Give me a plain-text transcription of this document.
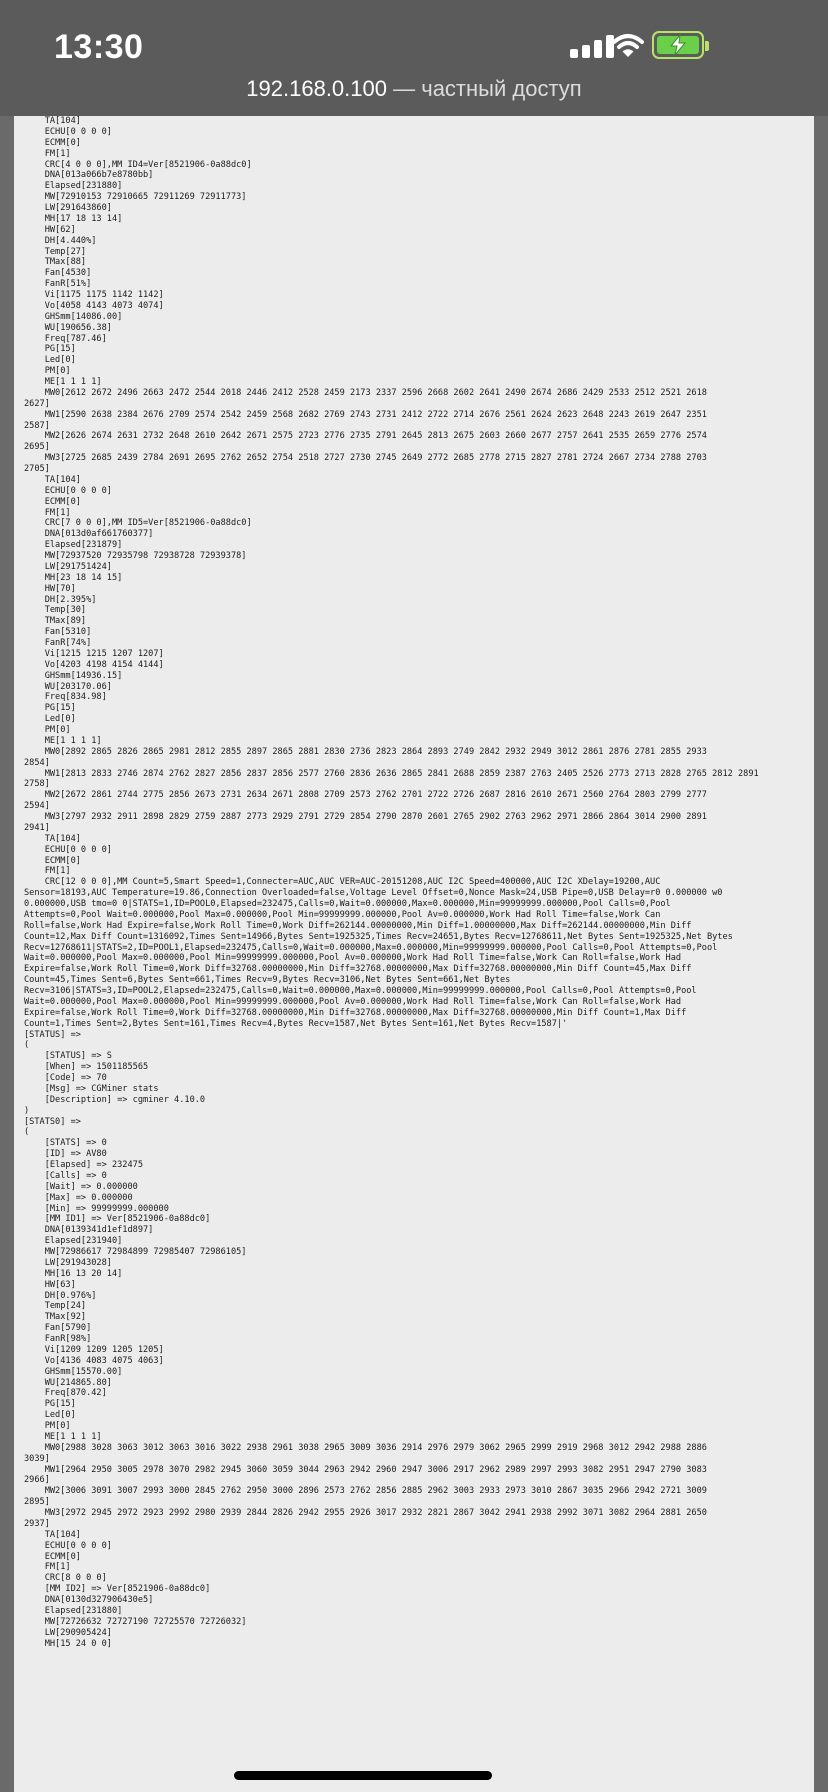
13:30
192.168.0.100 — частный доступ
TA[104]
ECHU[0 0 0 0]
ECMM[0]
FM[1]
CRC[4 0 0 0],MM ID4=Ver[8521906-0a88dc0]
DNA[013a066b7e8780bb]
Elapsed[231880]
MW[72910153 72910665 72911269 72911773]
LW[291643860]
MH[17 18 13 14]
HW[62]
DH[4.440%]
Temp[27]
TMax[88]
Fan[4530]
FanR[51%]
Vi[1175 1175 1142 1142]
Vo[4058 4143 4073 4074]
GHSmm[14086.00]
WU[190656.38]
Freq[787.46]
PG[15]
Led[0]
PM[0]
ME[1 1 1 1]
MW0[2612 2672 2496 2663 2472 2544 2018 2446 2412 2528 2459 2173 2337 2596 2668 2602 2641 2490 2674 2686 2429 2533 2512 2521 2618
2627]
MW1[2590 2638 2384 2676 2709 2574 2542 2459 2568 2682 2769 2743 2731 2412 2722 2714 2676 2561 2624 2623 2648 2243 2619 2647 2351
2587]
MW2[2626 2674 2631 2732 2648 2610 2642 2671 2575 2723 2776 2735 2791 2645 2813 2675 2603 2660 2677 2757 2641 2535 2659 2776 2574
2695]
MW3[2725 2685 2439 2784 2691 2695 2762 2652 2754 2518 2727 2730 2745 2649 2772 2685 2778 2715 2827 2781 2724 2667 2734 2788 2703
2705]
TA[104]
ECHU[0 0 0 0]
ECMM[0]
FM[1]
CRC[7 0 0 0],MM ID5=Ver[8521906-0a88dc0]
DNA[013d0af661760377]
Elapsed[231879]
MW[72937520 72935798 72938728 72939378]
LW[291751424]
MH[23 18 14 15]
HW[70]
DH[2.395%]
Temp[30]
TMax[89]
Fan[5310]
FanR[74%]
Vi[1215 1215 1207 1207]
Vo[4203 4198 4154 4144]
GHSmm[14936.15]
WU[203170.06]
Freq[834.98]
PG[15]
Led[0]
PM[0]
ME[1 1 1 1]
MW0[2892 2865 2826 2865 2981 2812 2855 2897 2865 2881 2830 2736 2823 2864 2893 2749 2842 2932 2949 3012 2861 2876 2781 2855 2933
2854]
MW1[2813 2833 2746 2874 2762 2827 2856 2837 2856 2577 2760 2836 2636 2865 2841 2688 2859 2387 2763 2405 2526 2773 2713 2828 2765 2812 2891
2758]
MW2[2672 2861 2744 2775 2856 2673 2731 2634 2671 2808 2709 2573 2762 2701 2722 2726 2687 2816 2610 2671 2560 2764 2803 2799 2777
2594]
MW3[2797 2932 2911 2898 2829 2759 2887 2773 2929 2791 2729 2854 2790 2870 2601 2765 2902 2763 2962 2971 2866 2864 3014 2900 2891
2941]
TA[104]
ECHU[0 0 0 0]
ECMM[0]
FM[1]
CRC[12 0 0 0],MM Count=5,Smart Speed=1,Connecter=AUC,AUC VER=AUC-20151208,AUC I2C Speed=400000,AUC I2C XDelay=19200,AUC
Sensor=18193,AUC Temperature=19.86,Connection Overloaded=false,Voltage Level Offset=0,Nonce Mask=24,USB Pipe=0,USB Delay=r0 0.000000 w0
0.000000,USB tmo=0 0|STATS=1,ID=POOL0,Elapsed=232475,Calls=0,Wait=0.000000,Max=0.000000,Min=99999999.000000,Pool Calls=0,Pool
Attempts=0,Pool Wait=0.000000,Pool Max=0.000000,Pool Min=99999999.000000,Pool Av=0.000000,Work Had Roll Time=false,Work Can
Roll=false,Work Had Expire=false,Work Roll Time=0,Work Diff=262144.00000000,Min Diff=1.00000000,Max Diff=262144.00000000,Min Diff
Count=12,Max Diff Count=1316092,Times Sent=14966,Bytes Sent=1925325,Times Recv=24651,Bytes Recv=12768611,Net Bytes Sent=1925325,Net Bytes
Recv=12768611|STATS=2,ID=POOL1,Elapsed=232475,Calls=0,Wait=0.000000,Max=0.000000,Min=99999999.000000,Pool Calls=0,Pool Attempts=0,Pool
Wait=0.000000,Pool Max=0.000000,Pool Min=99999999.000000,Pool Av=0.000000,Work Had Roll Time=false,Work Can Roll=false,Work Had
Expire=false,Work Roll Time=0,Work Diff=32768.00000000,Min Diff=32768.00000000,Max Diff=32768.00000000,Min Diff Count=45,Max Diff
Count=45,Times Sent=6,Bytes Sent=661,Times Recv=9,Bytes Recv=3106,Net Bytes Sent=661,Net Bytes
Recv=3106|STATS=3,ID=POOL2,Elapsed=232475,Calls=0,Wait=0.000000,Max=0.000000,Min=99999999.000000,Pool Calls=0,Pool Attempts=0,Pool
Wait=0.000000,Pool Max=0.000000,Pool Min=99999999.000000,Pool Av=0.000000,Work Had Roll Time=false,Work Can Roll=false,Work Had
Expire=false,Work Roll Time=0,Work Diff=32768.00000000,Min Diff=32768.00000000,Max Diff=32768.00000000,Min Diff Count=1,Max Diff
Count=1,Times Sent=2,Bytes Sent=161,Times Recv=4,Bytes Recv=1587,Net Bytes Sent=161,Net Bytes Recv=1587|'
[STATUS] =>
(
[STATUS] => S
[When] => 1501185565
[Code] => 70
[Msg] => CGMiner stats
[Description] => cgminer 4.10.0
)
[STATS0] =>
(
[STATS] => 0
[ID] => AV80
[Elapsed] => 232475
[Calls] => 0
[Wait] => 0.000000
[Max] => 0.000000
[Min] => 99999999.000000
[MM ID1] => Ver[8521906-0a88dc0]
DNA[0139341d1ef1d897]
Elapsed[231940]
MW[72986617 72984899 72985407 72986105]
LW[291943028]
MH[16 13 20 14]
HW[63]
DH[0.976%]
Temp[24]
TMax[92]
Fan[5790]
FanR[98%]
Vi[1209 1209 1205 1205]
Vo[4136 4083 4075 4063]
GHSmm[15570.00]
WU[214865.80]
Freq[870.42]
PG[15]
Led[0]
PM[0]
ME[1 1 1 1]
MW0[2988 3028 3063 3012 3063 3016 3022 2938 2961 3038 2965 3009 3036 2914 2976 2979 3062 2965 2999 2919 2968 3012 2942 2988 2886
3039]
MW1[2964 2950 3005 2978 3070 2982 2945 3060 3059 3044 2963 2942 2960 2947 3006 2917 2962 2989 2997 2993 3082 2951 2947 2790 3083
2966]
MW2[3006 3091 3007 2993 3000 2845 2762 2950 3000 2896 2573 2762 2856 2885 2962 3003 2933 2973 3010 2867 3035 2966 2942 2721 3009
2895]
MW3[2972 2945 2972 2923 2992 2980 2939 2844 2826 2942 2955 2926 3017 2932 2821 2867 3042 2941 2938 2992 3071 3082 2964 2881 2650
2937]
TA[104]
ECHU[0 0 0 0]
ECMM[0]
FM[1]
CRC[8 0 0 0]
[MM ID2] => Ver[8521906-0a88dc0]
DNA[0130d327906430e5]
Elapsed[231880]
MW[72726632 72727190 72725570 72726032]
LW[290905424]
MH[15 24 0 0]
